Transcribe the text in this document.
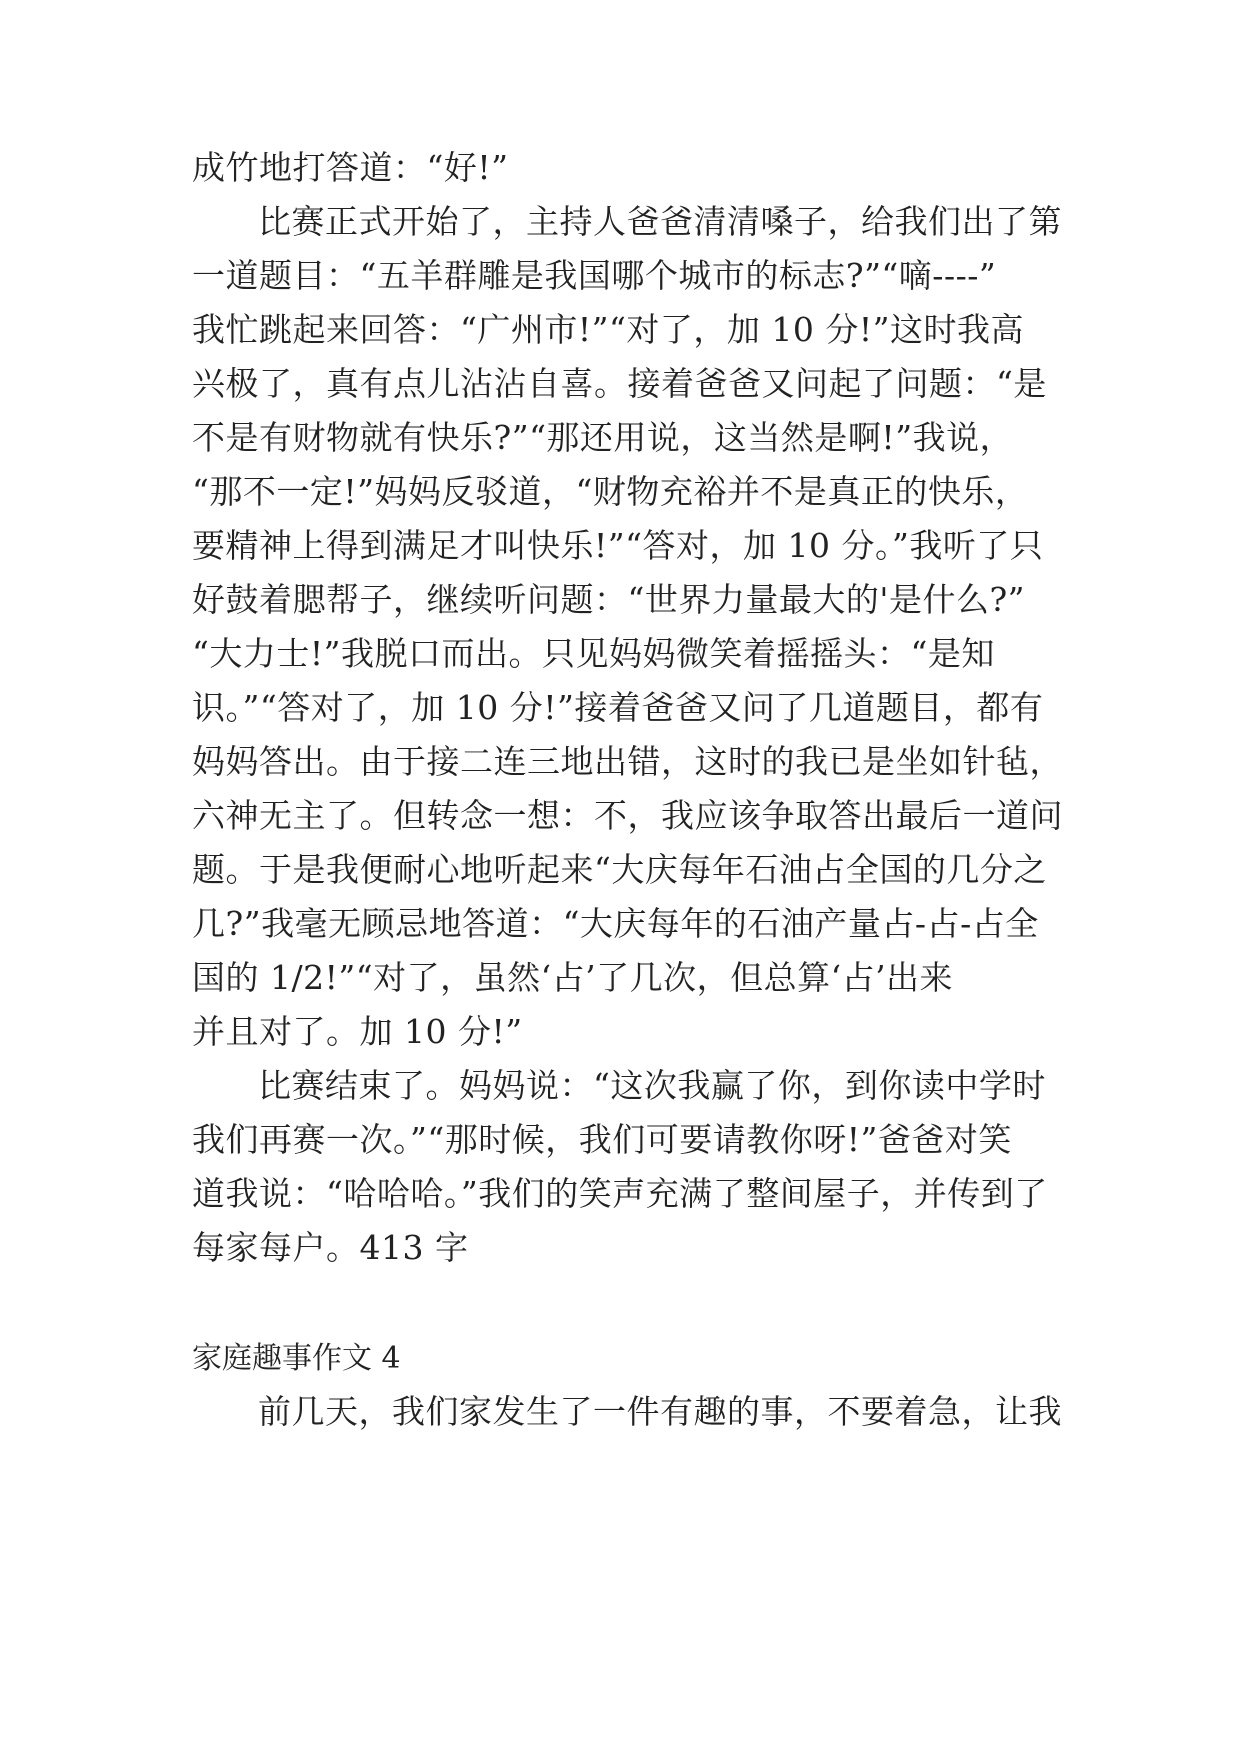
成竹地打答道：“好!”
比赛正式开始了，主持人爸爸清清嗓子，给我们出了第
一道题目：“五羊群雕是我国哪个城市的标志?”“嘀----”
我忙跳起来回答：“广州市!”“对了，加 10 分!”这时我高
兴极了，真有点儿沾沾自喜。接着爸爸又问起了问题：“是
不是有财物就有快乐?”“那还用说，这当然是啊!”我说，
“那不一定!”妈妈反驳道，“财物充裕并不是真正的快乐，
要精神上得到满足才叫快乐!”“答对，加 10 分。”我听了只
好鼓着腮帮子，继续听问题：“世界力量最大的'是什么?”
“大力士!”我脱口而出。只见妈妈微笑着摇摇头：“是知
识。”“答对了，加 10 分!”接着爸爸又问了几道题目，都有
妈妈答出。由于接二连三地出错，这时的我已是坐如针毡，
六神无主了。但转念一想：不，我应该争取答出最后一道问
题。于是我便耐心地听起来“大庆每年石油占全国的几分之
几?”我毫无顾忌地答道：“大庆每年的石油产量占-占-占全
国的 1/2!”“对了，虽然‘占’了几次，但总算‘占’出来
并且对了。加 10 分!”
比赛结束了。妈妈说：“这次我赢了你，到你读中学时
我们再赛一次。”“那时候，我们可要请教你呀!”爸爸对笑
道我说：“哈哈哈。”我们的笑声充满了整间屋子，并传到了
每家每户。413 字
家庭趣事作文 4
前几天，我们家发生了一件有趣的事，不要着急，让我
